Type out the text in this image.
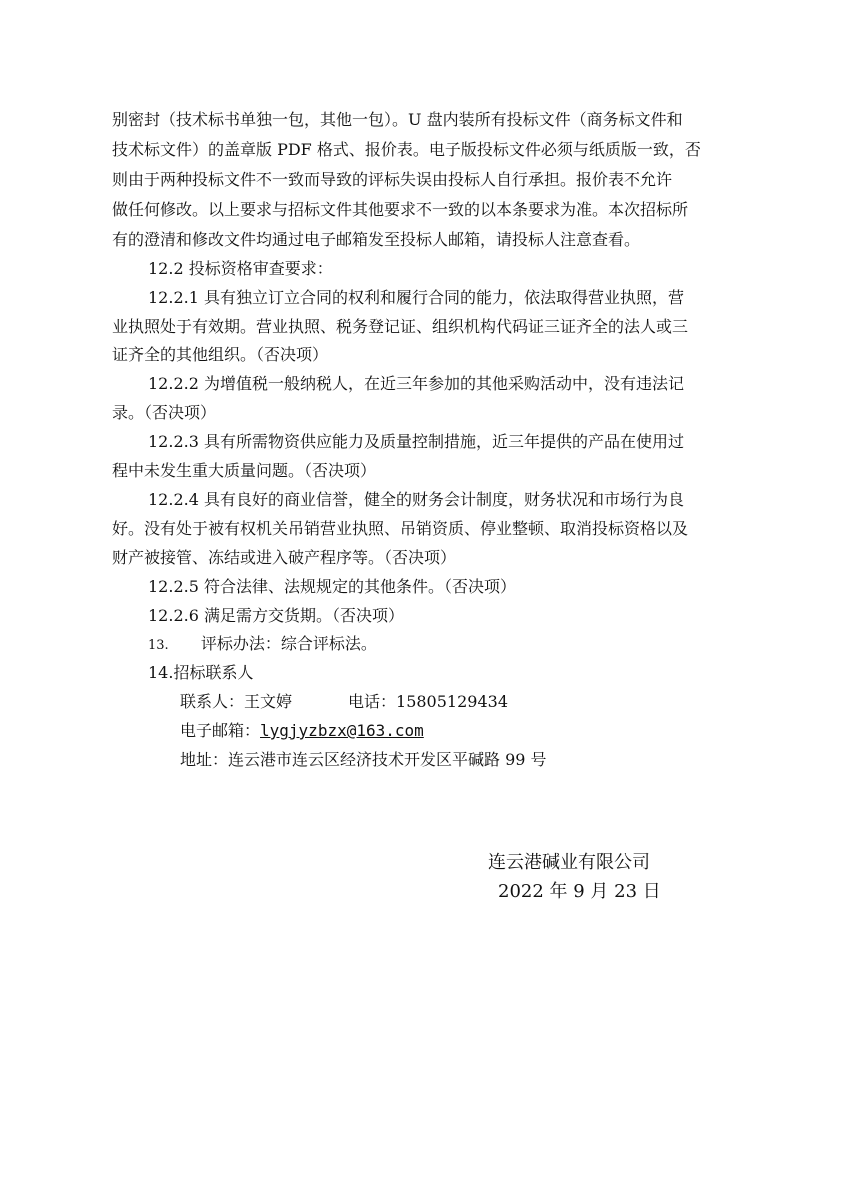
别密封（技术标书单独一包，其他一包）。U 盘内装所有投标文件（商务标文件和
技术标文件）的盖章版 PDF 格式、报价表。电子版投标文件必须与纸质版一致，否
则由于两种投标文件不一致而导致的评标失误由投标人自行承担。报价表不允许
做任何修改。以上要求与招标文件其他要求不一致的以本条要求为准。本次招标所
有的澄清和修改文件均通过电子邮箱发至投标人邮箱，请投标人注意查看。
12.2 投标资格审查要求：
12.2.1 具有独立订立合同的权利和履行合同的能力，依法取得营业执照，营
业执照处于有效期。营业执照、税务登记证、组织机构代码证三证齐全的法人或三
证齐全的其他组织。（否决项）
12.2.2 为增值税一般纳税人，在近三年参加的其他采购活动中，没有违法记
录。（否决项）
12.2.3 具有所需物资供应能力及质量控制措施，近三年提供的产品在使用过
程中未发生重大质量问题。（否决项）
12.2.4 具有良好的商业信誉，健全的财务会计制度，财务状况和市场行为良
好。没有处于被有权机关吊销营业执照、吊销资质、停业整顿、取消投标资格以及
财产被接管、冻结或进入破产程序等。（否决项）
12.2.5 符合法律、法规规定的其他条件。（否决项）
12.2.6 满足需方交货期。（否决项）
13. 评标办法：综合评标法。
14.招标联系人
联系人：王文婷	电话：15805129434
电子邮箱：lygjyzbzx@163.com
地址：连云港市连云区经济技术开发区平碱路 99 号
连云港碱业有限公司
2022 年 9 月 23 日
